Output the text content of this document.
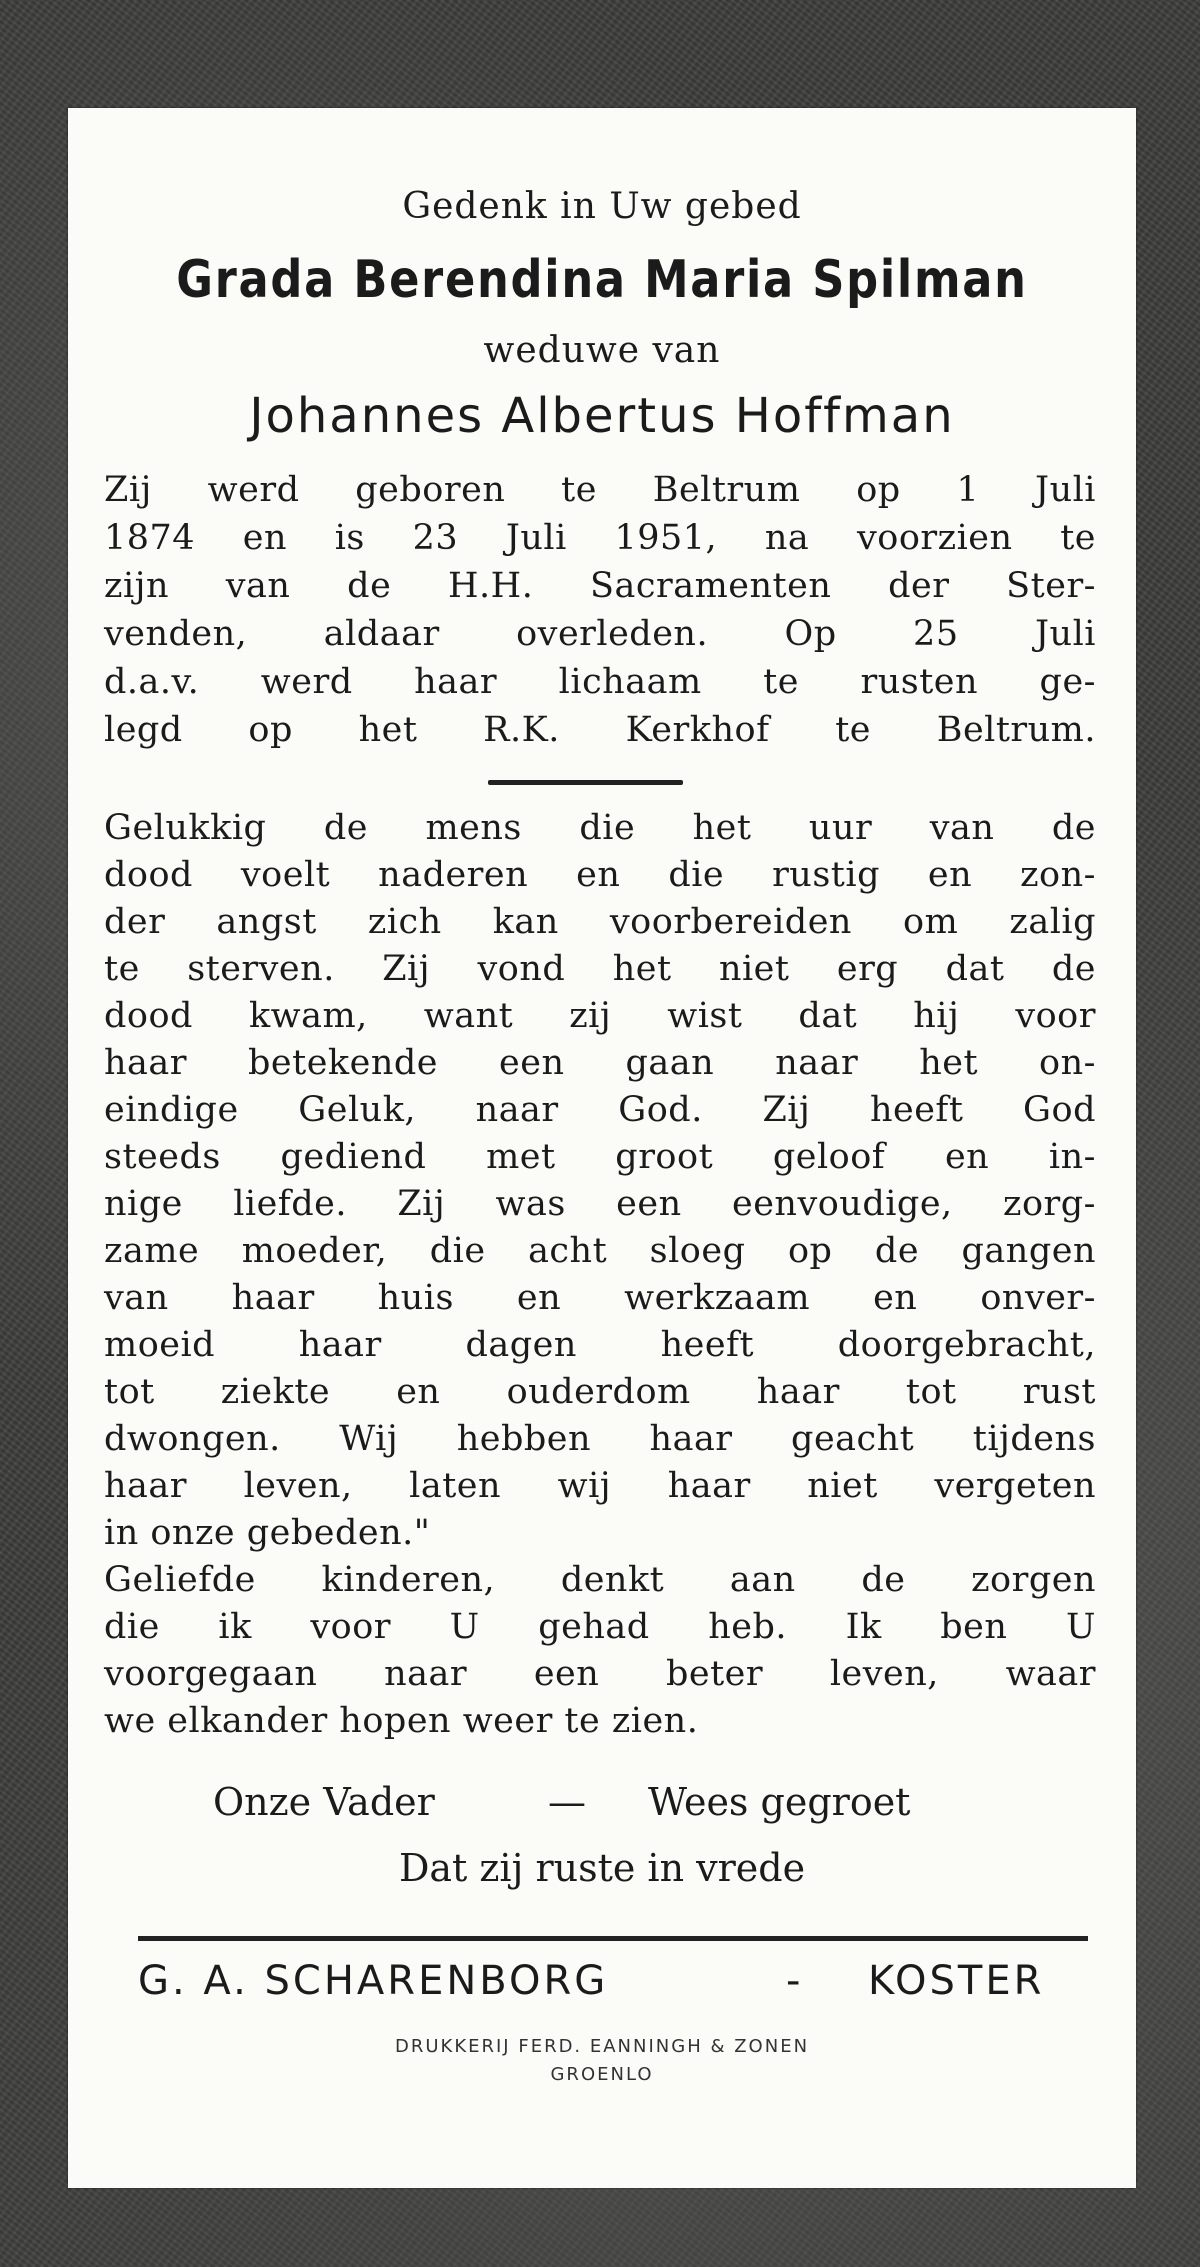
Gedenk in Uw gebed
Grada Berendina Maria Spilman
weduwe van
Johannes Albertus Hoffman
Zij werd geboren te Beltrum op 1 Juli
1874 en is 23 Juli 1951, na voorzien te
zijn van de H.H. Sacramenten der Ster-
venden, aldaar overleden. Op 25 Juli
d.a.v. werd haar lichaam te rusten ge-
legd op het R.K. Kerkhof te Beltrum.
Gelukkig de mens die het uur van de
dood voelt naderen en die rustig en zon-
der angst zich kan voorbereiden om zalig
te sterven. Zij vond het niet erg dat de
dood kwam, want zij wist dat hij voor
haar betekende een gaan naar het on-
eindige Geluk, naar God. Zij heeft God
steeds gediend met groot geloof en in-
nige liefde. Zij was een eenvoudige, zorg-
zame moeder, die acht sloeg op de gangen
van haar huis en werkzaam en onver-
moeid haar dagen heeft doorgebracht,
tot ziekte en ouderdom haar tot rust
dwongen. Wij hebben haar geacht tijdens
haar leven, laten wij haar niet vergeten
in onze gebeden."
Geliefde kinderen, denkt aan de zorgen
die ik voor U gehad heb. Ik ben U
voorgegaan naar een beter leven, waar
we elkander hopen weer te zien.
Onze Vader	— Wees gegroet
Dat zij ruste in vrede
G. A. SCHARENBORG	- KOSTER
DRUKKERIJ FERD. EANNINGH & ZONEN
GROENLO
